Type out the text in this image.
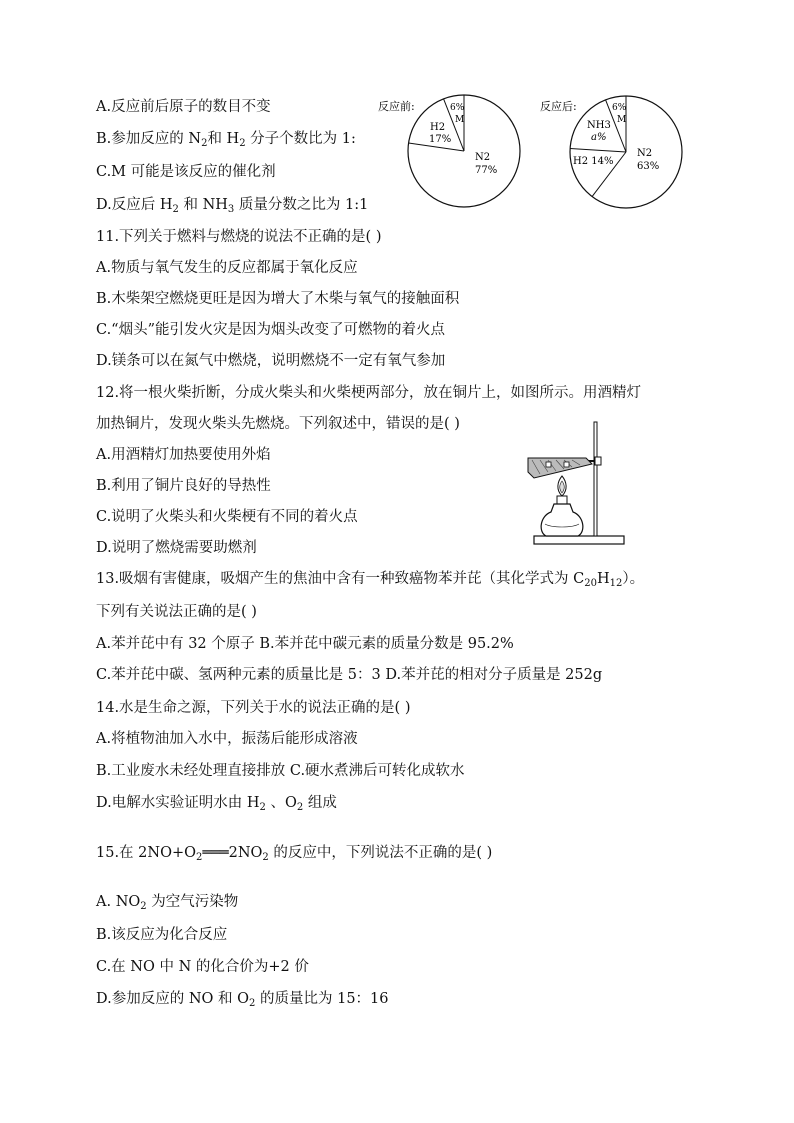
A.反应前后原子的数目不变
B.参加反应的 $N_2$和 $H_2$ 分子个数比为 1:
C.M 可能是该反应的催化剂
D.反应后 $H_2$ 和 $NH_3$ 质量分数之比为 1:1
反应前:	6%
M
H2
17%
N2
77%
反应后:	6%
M
NH3
a%
H2 14%
N2
63%
11.下列关于燃料与燃烧的说法不正确的是( )
A.物质与氧气发生的反应都属于氧化反应
B.木柴架空燃烧更旺是因为增大了木柴与氧气的接触面积
C.“烟头”能引发火灾是因为烟头改变了可燃物的着火点
D.镁条可以在氮气中燃烧，说明燃烧不一定有氧气参加
12.将一根火柴折断，分成火柴头和火柴梗两部分，放在铜片上，如图所示。用酒精灯
加热铜片，发现火柴头先燃烧。下列叙述中，错误的是( )
A.用酒精灯加热要使用外焰
B.利用了铜片良好的导热性
C.说明了火柴头和火柴梗有不同的着火点
D.说明了燃烧需要助燃剂
13.吸烟有害健康，吸烟产生的焦油中含有一种致癌物苯并芘（其化学式为 $C_{20}H_{12}$）。
下列有关说法正确的是( )
A.苯并芘中有 32 个原子 B.苯并芘中碳元素的质量分数是 95.2%
C.苯并芘中碳、氢两种元素的质量比是 5：3 D.苯并芘的相对分子质量是 252g
14.水是生命之源，下列关于水的说法正确的是( )
A.将植物油加入水中，振荡后能形成溶液
B.工业废水未经处理直接排放 C.硬水煮沸后可转化成软水
D.电解水实验证明水由 $H_2$ 、$O_2$ 组成
15.在 $2NO+O_2═══2NO_2$ 的反应中，下列说法不正确的是( )
A. $NO_2$ 为空气污染物
B.该反应为化合反应
C.在 NO 中 N 的化合价为+2 价
D.参加反应的 NO 和 $O_2$ 的质量比为 15：16
